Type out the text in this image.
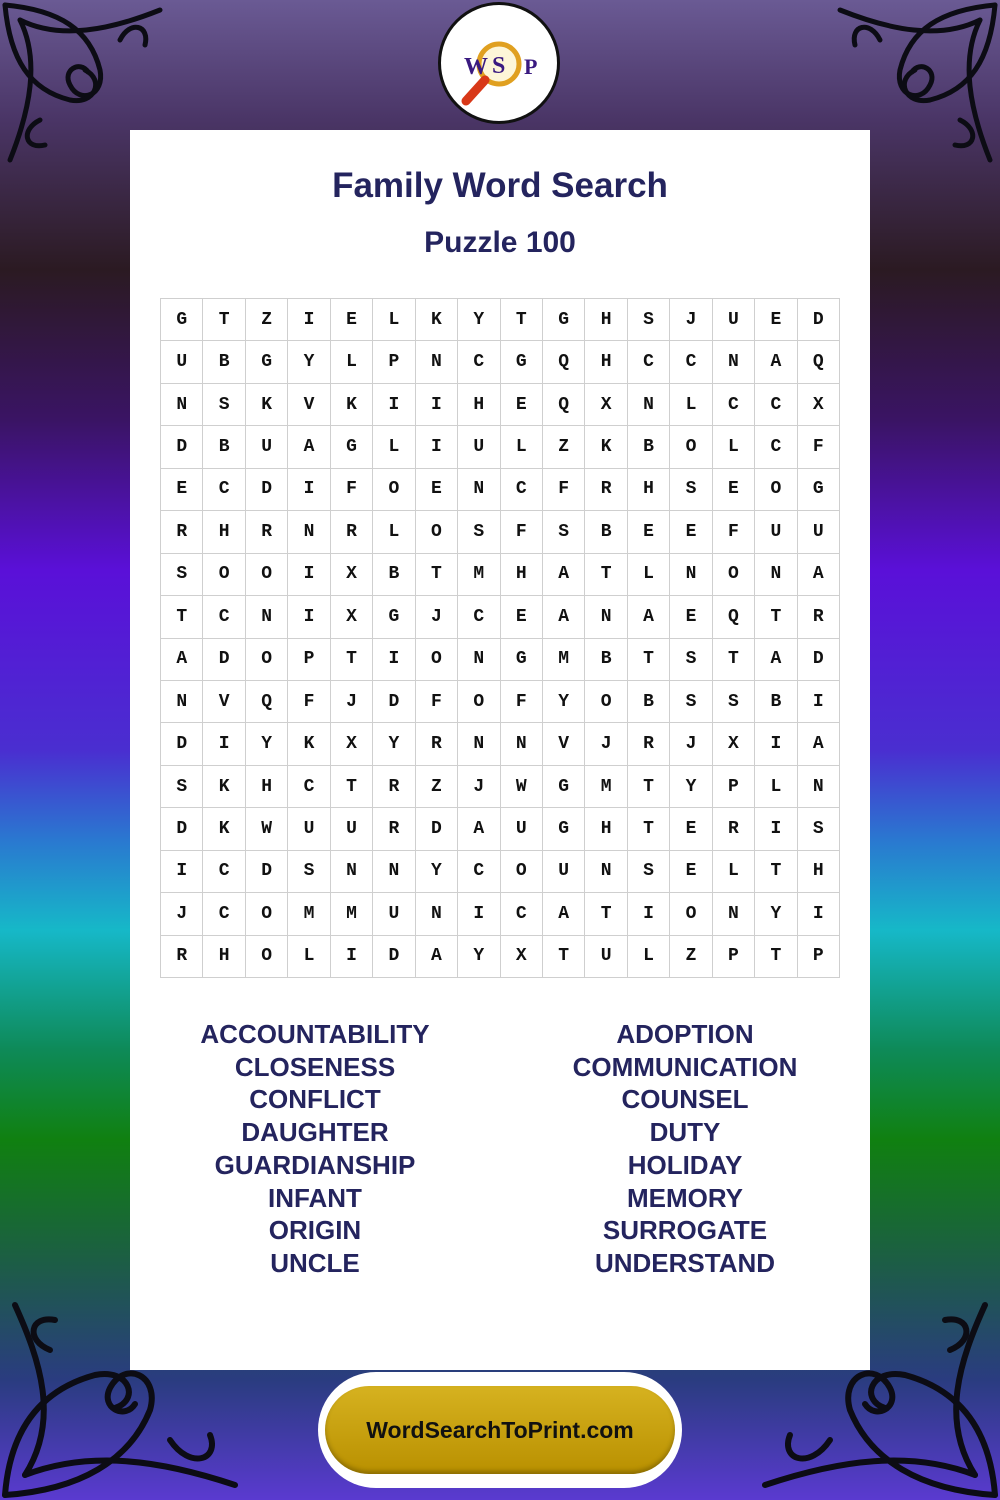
W S P
Family Word Search
Puzzle 100
G	T	Z	I	E	L	K	Y	T	G	H	S	J	U	E	D
U	B	G	Y	L	P	N	C	G	Q	H	C	C	N	A	Q
N	S	K	V	K	I	I	H	E	Q	X	N	L	C	C	X
D	B	U	A	G	L	I	U	L	Z	K	B	O	L	C	F
E	C	D	I	F	O	E	N	C	F	R	H	S	E	O	G
R	H	R	N	R	L	O	S	F	S	B	E	E	F	U	U
S	O	O	I	X	B	T	M	H	A	T	L	N	O	N	A
T	C	N	I	X	G	J	C	E	A	N	A	E	Q	T	R
A	D	O	P	T	I	O	N	G	M	B	T	S	T	A	D
N	V	Q	F	J	D	F	O	F	Y	O	B	S	S	B	I
D	I	Y	K	X	Y	R	N	N	V	J	R	J	X	I	A
S	K	H	C	T	R	Z	J	W	G	M	T	Y	P	L	N
D	K	W	U	U	R	D	A	U	G	H	T	E	R	I	S
I	C	D	S	N	N	Y	C	O	U	N	S	E	L	T	H
J	C	O	M	M	U	N	I	C	A	T	I	O	N	Y	I
R	H	O	L	I	D	A	Y	X	T	U	L	Z	P	T	P
ACCOUNTABILITY
CLOSENESS
CONFLICT
DAUGHTER
GUARDIANSHIP
INFANT
ORIGIN
UNCLE
ADOPTION
COMMUNICATION
COUNSEL
DUTY
HOLIDAY
MEMORY
SURROGATE
UNDERSTAND
WordSearchToPrint.com
